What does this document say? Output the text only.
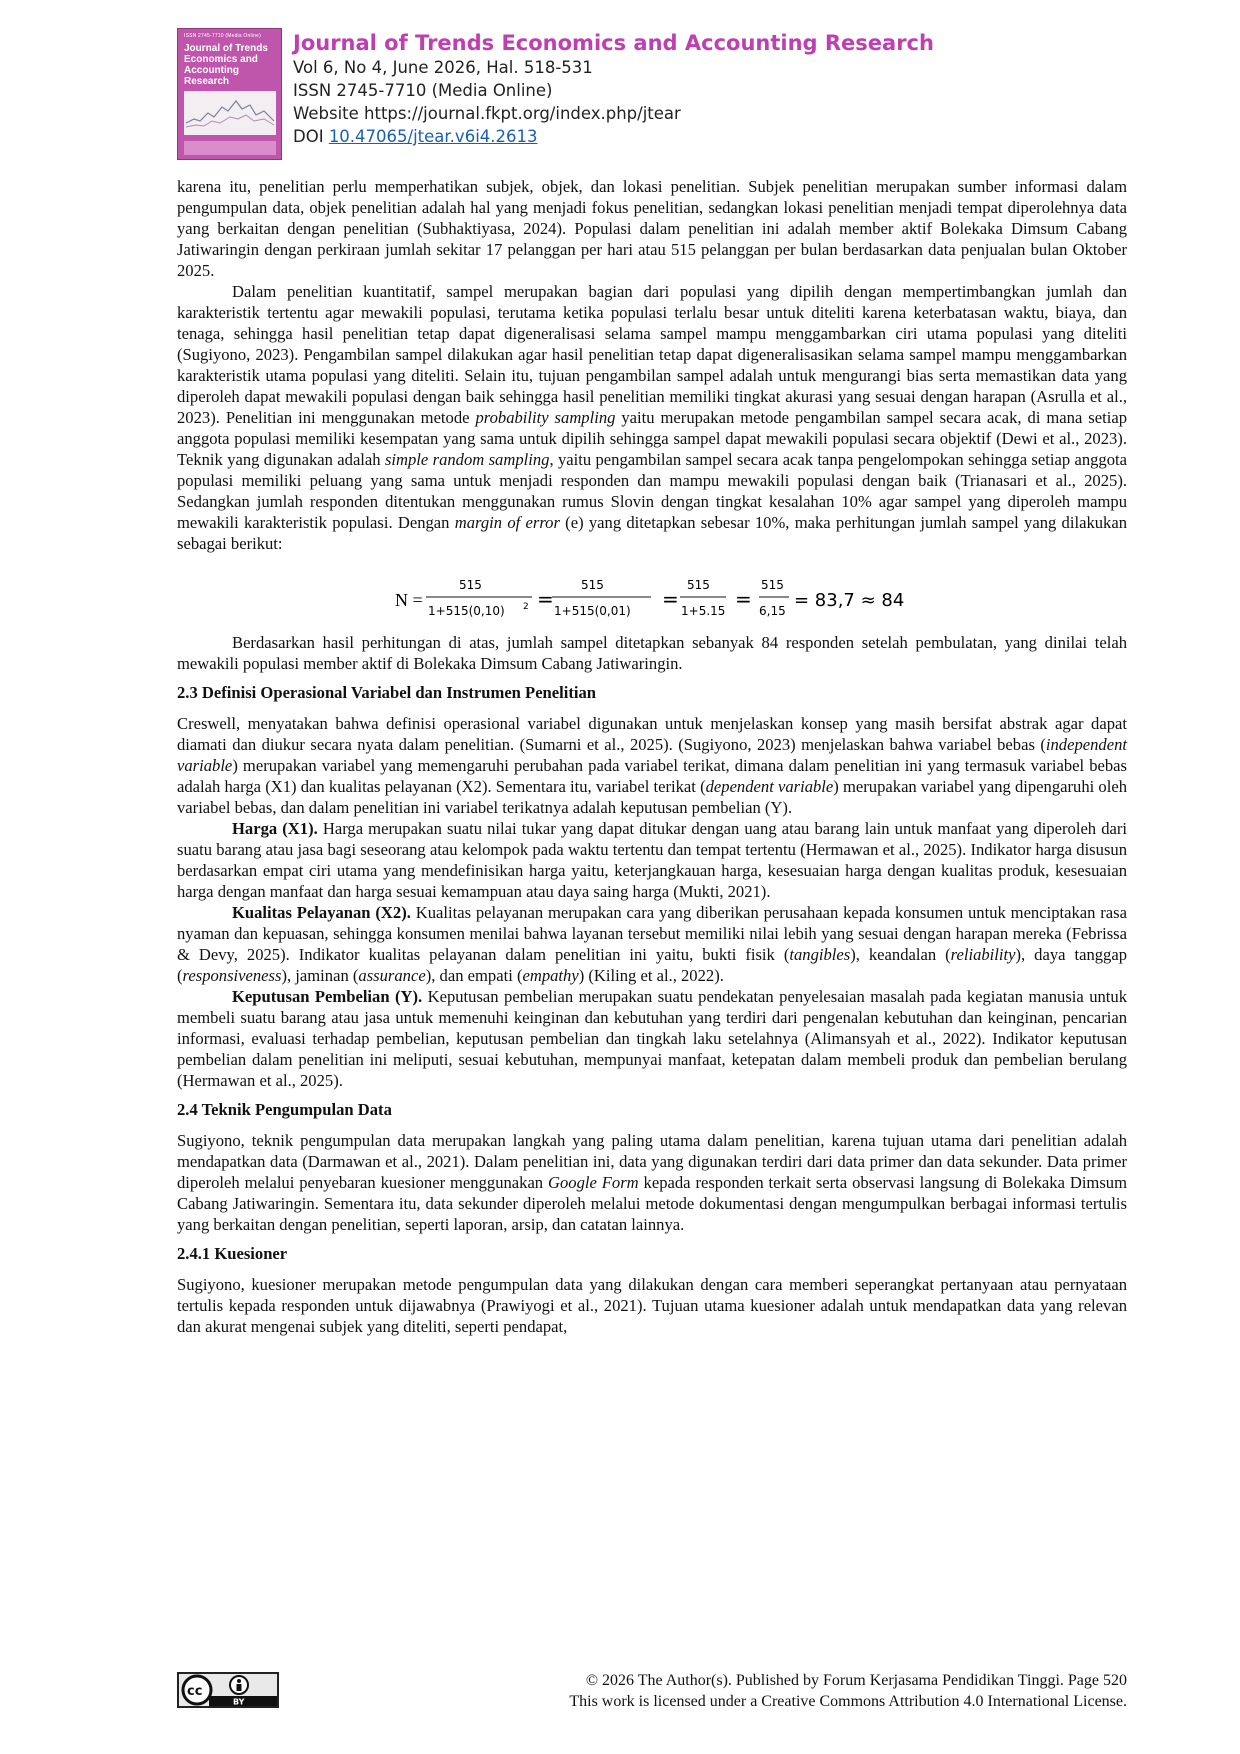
ISSN 2745-7710 (Media Online)
Journal of Trends Economics and Accounting Research

Journal of Trends Economics and Accounting Research

Vol 6, No 4, June 2026, Hal. 518-531

ISSN 2745-7710 (Media Online)

Website https://journal.fkpt.org/index.php/jtear

DOI 10.47065/jtear.v6i4.2613

karena itu, penelitian perlu memperhatikan subjek, objek, dan lokasi penelitian. Subjek penelitian merupakan sumber informasi dalam pengumpulan data, objek penelitian adalah hal yang menjadi fokus penelitian, sedangkan lokasi penelitian menjadi tempat diperolehnya data yang berkaitan dengan penelitian (Subhaktiyasa, 2024). Populasi dalam penelitian ini adalah member aktif Bolekaka Dimsum Cabang Jatiwaringin dengan perkiraan jumlah sekitar 17 pelanggan per hari atau 515 pelanggan per bulan berdasarkan data penjualan bulan Oktober 2025.

Dalam penelitian kuantitatif, sampel merupakan bagian dari populasi yang dipilih dengan mempertimbangkan jumlah dan karakteristik tertentu agar mewakili populasi, terutama ketika populasi terlalu besar untuk diteliti karena keterbatasan waktu, biaya, dan tenaga, sehingga hasil penelitian tetap dapat digeneralisasi selama sampel mampu menggambarkan ciri utama populasi yang diteliti (Sugiyono, 2023). Pengambilan sampel dilakukan agar hasil penelitian tetap dapat digeneralisasikan selama sampel mampu menggambarkan karakteristik utama populasi yang diteliti. Selain itu, tujuan pengambilan sampel adalah untuk mengurangi bias serta memastikan data yang diperoleh dapat mewakili populasi dengan baik sehingga hasil penelitian memiliki tingkat akurasi yang sesuai dengan harapan (Asrulla et al., 2023). Penelitian ini menggunakan metode probability sampling yaitu merupakan metode pengambilan sampel secara acak, di mana setiap anggota populasi memiliki kesempatan yang sama untuk dipilih sehingga sampel dapat mewakili populasi secara objektif (Dewi et al., 2023). Teknik yang digunakan adalah simple random sampling, yaitu pengambilan sampel secara acak tanpa pengelompokan sehingga setiap anggota populasi memiliki peluang yang sama untuk menjadi responden dan mampu mewakili populasi dengan baik (Trianasari et al., 2025). Sedangkan jumlah responden ditentukan menggunakan rumus Slovin dengan tingkat kesalahan 10% agar sampel yang diperoleh mampu mewakili karakteristik populasi. Dengan margin of error (e) yang ditetapkan sebesar 10%, maka perhitungan jumlah sampel yang dilakukan sebagai berikut:

N =
515
1+515(0,10) 2 =
515
1+515(0,01) =
515
1+5.15 =
515
6,15 = 83,7 ≈ 84

Berdasarkan hasil perhitungan di atas, jumlah sampel ditetapkan sebanyak 84 responden setelah pembulatan, yang dinilai telah mewakili populasi member aktif di Bolekaka Dimsum Cabang Jatiwaringin.

2.3 Definisi Operasional Variabel dan Instrumen Penelitian

Creswell, menyatakan bahwa definisi operasional variabel digunakan untuk menjelaskan konsep yang masih bersifat abstrak agar dapat diamati dan diukur secara nyata dalam penelitian. (Sumarni et al., 2025). (Sugiyono, 2023) menjelaskan bahwa variabel bebas (independent variable) merupakan variabel yang memengaruhi perubahan pada variabel terikat, dimana dalam penelitian ini yang termasuk variabel bebas adalah harga (X1) dan kualitas pelayanan (X2). Sementara itu, variabel terikat (dependent variable) merupakan variabel yang dipengaruhi oleh variabel bebas, dan dalam penelitian ini variabel terikatnya adalah keputusan pembelian (Y).

Harga (X1). Harga merupakan suatu nilai tukar yang dapat ditukar dengan uang atau barang lain untuk manfaat yang diperoleh dari suatu barang atau jasa bagi seseorang atau kelompok pada waktu tertentu dan tempat tertentu (Hermawan et al., 2025). Indikator harga disusun berdasarkan empat ciri utama yang mendefinisikan harga yaitu, keterjangkauan harga, kesesuaian harga dengan kualitas produk, kesesuaian harga dengan manfaat dan harga sesuai kemampuan atau daya saing harga (Mukti, 2021).

Kualitas Pelayanan (X2). Kualitas pelayanan merupakan cara yang diberikan perusahaan kepada konsumen untuk menciptakan rasa nyaman dan kepuasan, sehingga konsumen menilai bahwa layanan tersebut memiliki nilai lebih yang sesuai dengan harapan mereka (Febrissa & Devy, 2025). Indikator kualitas pelayanan dalam penelitian ini yaitu, bukti fisik (tangibles), keandalan (reliability), daya tanggap (responsiveness), jaminan (assurance), dan empati (empathy) (Kiling et al., 2022).

Keputusan Pembelian (Y). Keputusan pembelian merupakan suatu pendekatan penyelesaian masalah pada kegiatan manusia untuk membeli suatu barang atau jasa untuk memenuhi keinginan dan kebutuhan yang terdiri dari pengenalan kebutuhan dan keinginan, pencarian informasi, evaluasi terhadap pembelian, keputusan pembelian dan tingkah laku setelahnya (Alimansyah et al., 2022). Indikator keputusan pembelian dalam penelitian ini meliputi, sesuai kebutuhan, mempunyai manfaat, ketepatan dalam membeli produk dan pembelian berulang (Hermawan et al., 2025).

2.4 Teknik Pengumpulan Data

Sugiyono, teknik pengumpulan data merupakan langkah yang paling utama dalam penelitian, karena tujuan utama dari penelitian adalah mendapatkan data (Darmawan et al., 2021). Dalam penelitian ini, data yang digunakan terdiri dari data primer dan data sekunder. Data primer diperoleh melalui penyebaran kuesioner menggunakan Google Form kepada responden terkait serta observasi langsung di Bolekaka Dimsum Cabang Jatiwaringin. Sementara itu, data sekunder diperoleh melalui metode dokumentasi dengan mengumpulkan berbagai informasi tertulis yang berkaitan dengan penelitian, seperti laporan, arsip, dan catatan lainnya.

2.4.1 Kuesioner

Sugiyono, kuesioner merupakan metode pengumpulan data yang dilakukan dengan cara memberi seperangkat pertanyaan atau pernyataan tertulis kepada responden untuk dijawabnya (Prawiyogi et al., 2021). Tujuan utama kuesioner adalah untuk mendapatkan data yang relevan dan akurat mengenai subjek yang diteliti, seperti pendapat,

cc
BY
© 2026 The Author(s). Published by Forum Kerjasama Pendidikan Tinggi. Page 520
This work is licensed under a Creative Commons Attribution 4.0 International License.
